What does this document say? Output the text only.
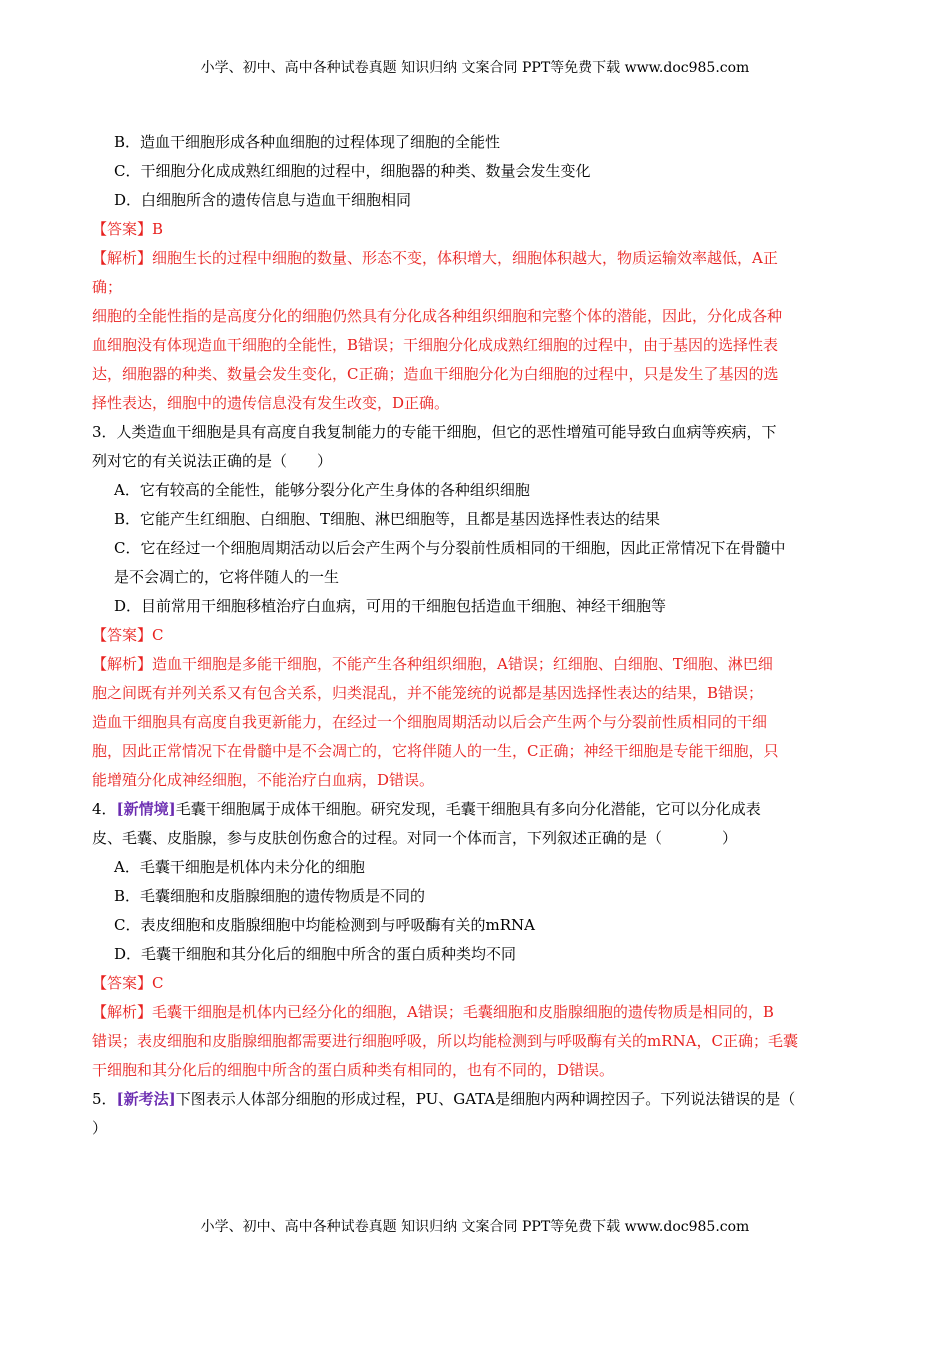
小学、初中、高中各种试卷真题 知识归纳 文案合同 PPT等免费下载 www.doc985.com
B．造血干细胞形成各种血细胞的过程体现了细胞的全能性
C．干细胞分化成成熟红细胞的过程中，细胞器的种类、数量会发生变化
D．白细胞所含的遗传信息与造血干细胞相同
【答案】B
【解析】细胞生长的过程中细胞的数量、形态不变，体积增大，细胞体积越大，物质运输效率越低，A正
确；
细胞的全能性指的是高度分化的细胞仍然具有分化成各种组织细胞和完整个体的潜能，因此，分化成各种
血细胞没有体现造血干细胞的全能性，B错误；干细胞分化成成熟红细胞的过程中，由于基因的选择性表
达，细胞器的种类、数量会发生变化，C正确；造血干细胞分化为白细胞的过程中，只是发生了基因的选
择性表达，细胞中的遗传信息没有发生改变，D正确。
3．人类造血干细胞是具有高度自我复制能力的专能干细胞，但它的恶性增殖可能导致白血病等疾病，下
列对它的有关说法正确的是（　　）
A．它有较高的全能性，能够分裂分化产生身体的各种组织细胞
B．它能产生红细胞、白细胞、T细胞、淋巴细胞等，且都是基因选择性表达的结果
C．它在经过一个细胞周期活动以后会产生两个与分裂前性质相同的干细胞，因此正常情况下在骨髓中
是不会凋亡的，它将伴随人的一生
D．目前常用干细胞移植治疗白血病，可用的干细胞包括造血干细胞、神经干细胞等
【答案】C
【解析】造血干细胞是多能干细胞，不能产生各种组织细胞，A错误；红细胞、白细胞、T细胞、淋巴细
胞之间既有并列关系又有包含关系，归类混乱，并不能笼统的说都是基因选择性表达的结果，B错误；
造血干细胞具有高度自我更新能力，在经过一个细胞周期活动以后会产生两个与分裂前性质相同的干细
胞，因此正常情况下在骨髓中是不会凋亡的，它将伴随人的一生，C正确；神经干细胞是专能干细胞，只
能增殖分化成神经细胞，不能治疗白血病，D错误。
4．[新情境]毛囊干细胞属于成体干细胞。研究发现，毛囊干细胞具有多向分化潜能，它可以分化成表
皮、毛囊、皮脂腺，参与皮肤创伤愈合的过程。对同一个体而言，下列叙述正确的是（　　　　）
A．毛囊干细胞是机体内未分化的细胞
B．毛囊细胞和皮脂腺细胞的遗传物质是不同的
C．表皮细胞和皮脂腺细胞中均能检测到与呼吸酶有关的mRNA
D．毛囊干细胞和其分化后的细胞中所含的蛋白质种类均不同
【答案】C
【解析】毛囊干细胞是机体内已经分化的细胞，A错误；毛囊细胞和皮脂腺细胞的遗传物质是相同的，B
错误；表皮细胞和皮脂腺细胞都需要进行细胞呼吸，所以均能检测到与呼吸酶有关的mRNA，C正确；毛囊
干细胞和其分化后的细胞中所含的蛋白质种类有相同的，也有不同的，D错误。
5．[新考法]下图表示人体部分细胞的形成过程，PU、GATA是细胞内两种调控因子。下列说法错误的是（
）
小学、初中、高中各种试卷真题 知识归纳 文案合同 PPT等免费下载 www.doc985.com
